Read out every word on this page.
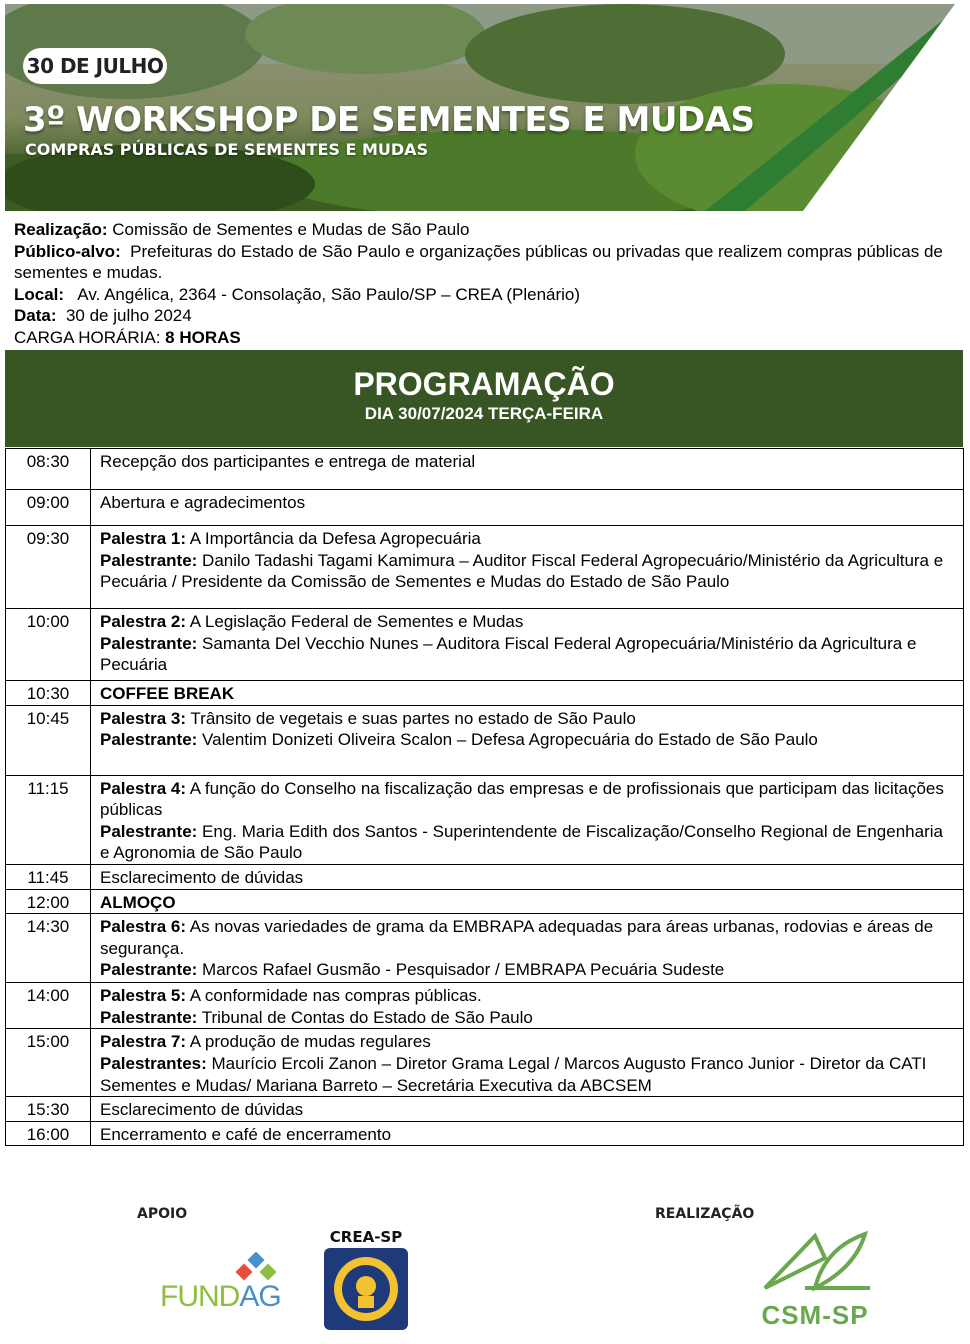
30 DE JULHO
3º WORKSHOP DE SEMENTES E MUDAS
COMPRAS PÚBLICAS DE SEMENTES E MUDAS

Realização: Comissão de Sementes e Mudas de São Paulo

Público-alvo:  Prefeituras do Estado de São Paulo e organizações públicas ou privadas que realizem compras públicas de sementes e mudas.

Local:   Av. Angélica, 2364 - Consolação, São Paulo/SP – CREA (Plenário)

Data:  30 de julho 2024

CARGA HORÁRIA: 8 HORAS

PROGRAMAÇÃO
DIA 30/07/2024 TERÇA-FEIRA
08:30	Recepção dos participantes e entrega de material
09:00	Abertura e agradecimentos
09:30	Palestra 1: A Importância da Defesa Agropecuária

Palestrante: Danilo Tadashi Tagami Kamimura – Auditor Fiscal Federal Agropecuário/Ministério da Agricultura e Pecuária / Presidente da Comissão de Sementes e Mudas do Estado de São Paulo

10:00	Palestra 2: A Legislação Federal de Sementes e Mudas

Palestrante: Samanta Del Vecchio Nunes – Auditora Fiscal Federal Agropecuária/Ministério da Agricultura e Pecuária

10:30	COFFEE BREAK
10:45	Palestra 3: Trânsito de vegetais e suas partes no estado de São Paulo

Palestrante: Valentim Donizeti Oliveira Scalon – Defesa Agropecuária do Estado de São Paulo

11:15	Palestra 4: A função do Conselho na fiscalização das empresas e de profissionais que participam das licitações públicas

Palestrante: Eng. Maria Edith dos Santos - Superintendente de Fiscalização/Conselho Regional de Engenharia e Agronomia de São Paulo

11:45	Esclarecimento de dúvidas
12:00	ALMOÇO
14:30	Palestra 6: As novas variedades de grama da EMBRAPA adequadas para áreas urbanas, rodovias e áreas de segurança.

Palestrante: Marcos Rafael Gusmão - Pesquisador / EMBRAPA Pecuária Sudeste

14:00	Palestra 5: A conformidade nas compras públicas.

Palestrante: Tribunal de Contas do Estado de São Paulo

15:00	Palestra 7: A produção de mudas regulares

Palestrantes: Maurício Ercoli Zanon – Diretor Grama Legal / Marcos Augusto Franco Junior - Diretor da CATI Sementes e Mudas/ Mariana Barreto – Secretária Executiva da ABCSEM

15:30	Esclarecimento de dúvidas
16:00	Encerramento e café de encerramento
APOIO	REALIZAÇÃO
FUNDAG
CREA-SP
CSM-SP
